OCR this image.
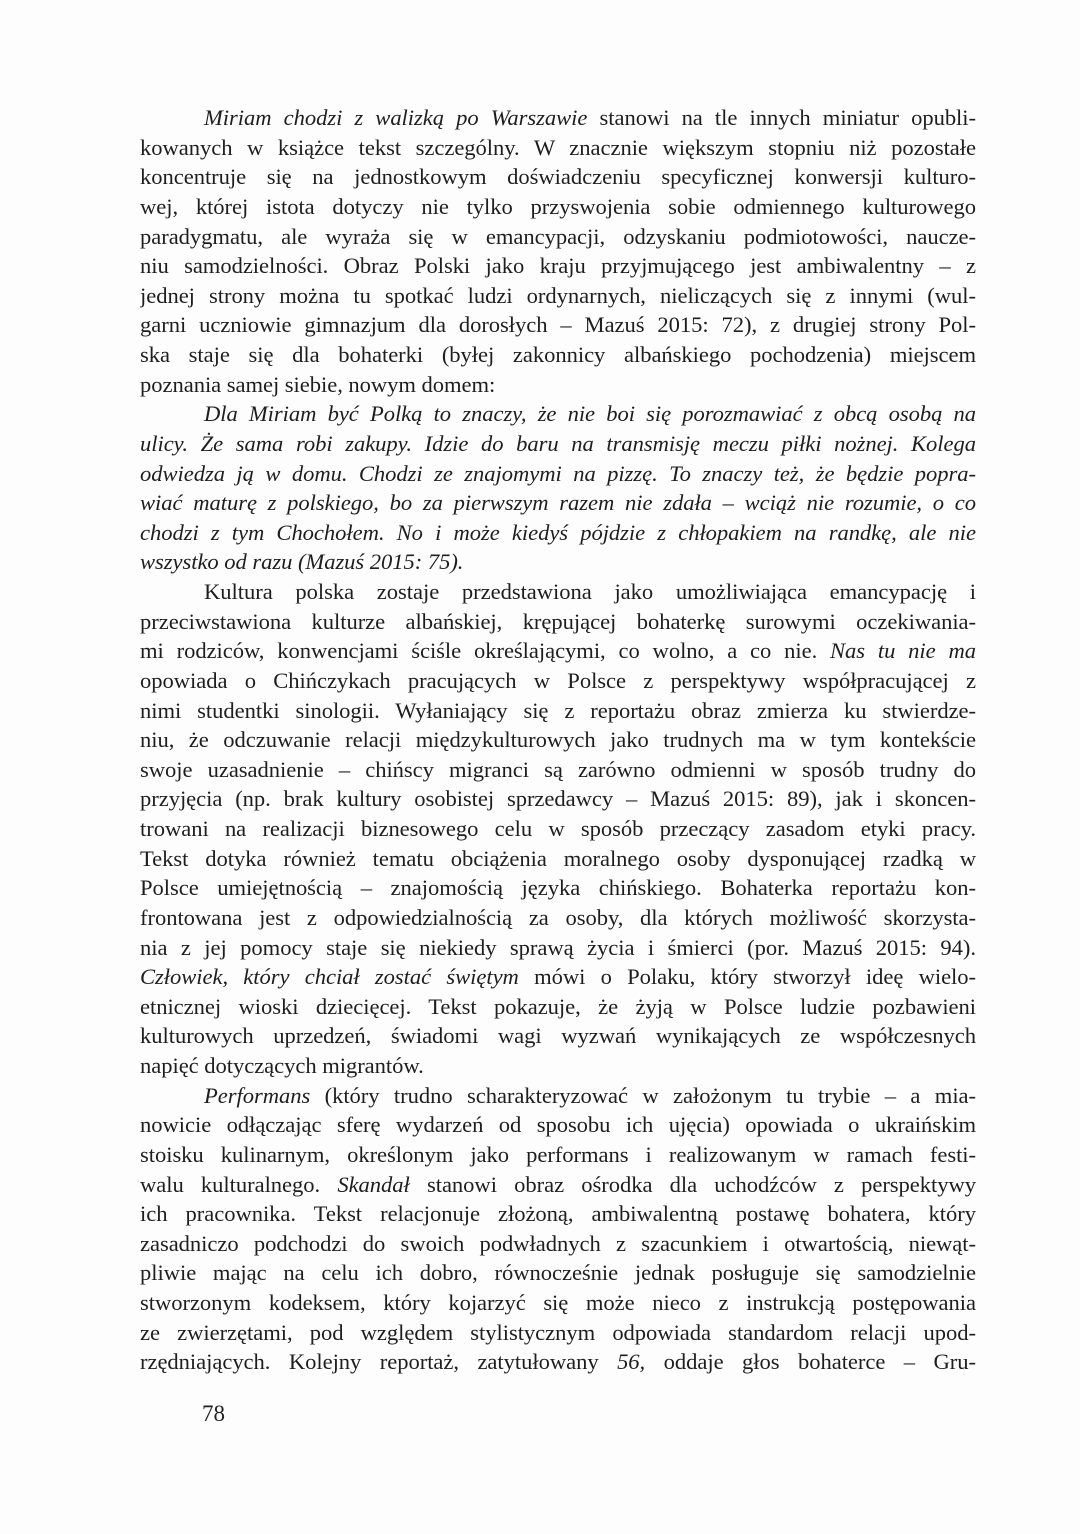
Miriam chodzi z walizką po Warszawie stanowi na tle innych miniatur opubli-
kowanych w książce tekst szczególny. W znacznie większym stopniu niż pozostałe
koncentruje się na jednostkowym doświadczeniu specyficznej konwersji kulturo-
wej, której istota dotyczy nie tylko przyswojenia sobie odmiennego kulturowego
paradygmatu, ale wyraża się w emancypacji, odzyskaniu podmiotowości, naucze-
niu samodzielności. Obraz Polski jako kraju przyjmującego jest ambiwalentny – z
jednej strony można tu spotkać ludzi ordynarnych, nieliczących się z innymi (wul-
garni uczniowie gimnazjum dla dorosłych – Mazuś 2015: 72), z drugiej strony Pol-
ska staje się dla bohaterki (byłej zakonnicy albańskiego pochodzenia) miejscem
poznania samej siebie, nowym domem:
Dla Miriam być Polką to znaczy, że nie boi się porozmawiać z obcą osobą na
ulicy. Że sama robi zakupy. Idzie do baru na transmisję meczu piłki nożnej. Kolega
odwiedza ją w domu. Chodzi ze znajomymi na pizzę. To znaczy też, że będzie popra-
wiać maturę z polskiego, bo za pierwszym razem nie zdała – wciąż nie rozumie, o co
chodzi z tym Chochołem. No i może kiedyś pójdzie z chłopakiem na randkę, ale nie
wszystko od razu (Mazuś 2015: 75).
Kultura polska zostaje przedstawiona jako umożliwiająca emancypację i
przeciwstawiona kulturze albańskiej, krępującej bohaterkę surowymi oczekiwania-
mi rodziców, konwencjami ściśle określającymi, co wolno, a co nie. Nas tu nie ma
opowiada o Chińczykach pracujących w Polsce z perspektywy współpracującej z
nimi studentki sinologii. Wyłaniający się z reportażu obraz zmierza ku stwierdze-
niu, że odczuwanie relacji międzykulturowych jako trudnych ma w tym kontekście
swoje uzasadnienie – chińscy migranci są zarówno odmienni w sposób trudny do
przyjęcia (np. brak kultury osobistej sprzedawcy – Mazuś 2015: 89), jak i skoncen-
trowani na realizacji biznesowego celu w sposób przeczący zasadom etyki pracy.
Tekst dotyka również tematu obciążenia moralnego osoby dysponującej rzadką w
Polsce umiejętnością – znajomością języka chińskiego. Bohaterka reportażu kon-
frontowana jest z odpowiedzialnością za osoby, dla których możliwość skorzysta-
nia z jej pomocy staje się niekiedy sprawą życia i śmierci (por. Mazuś 2015: 94).
Człowiek, który chciał zostać świętym mówi o Polaku, który stworzył ideę wielo-
etnicznej wioski dziecięcej. Tekst pokazuje, że żyją w Polsce ludzie pozbawieni
kulturowych uprzedzeń, świadomi wagi wyzwań wynikających ze współczesnych
napięć dotyczących migrantów.
Performans (który trudno scharakteryzować w założonym tu trybie – a mia-
nowicie odłączając sferę wydarzeń od sposobu ich ujęcia) opowiada o ukraińskim
stoisku kulinarnym, określonym jako performans i realizowanym w ramach festi-
walu kulturalnego. Skandał stanowi obraz ośrodka dla uchodźców z perspektywy
ich pracownika. Tekst relacjonuje złożoną, ambiwalentną postawę bohatera, który
zasadniczo podchodzi do swoich podwładnych z szacunkiem i otwartością, niewąt-
pliwie mając na celu ich dobro, równocześnie jednak posługuje się samodzielnie
stworzonym kodeksem, który kojarzyć się może nieco z instrukcją postępowania
ze zwierzętami, pod względem stylistycznym odpowiada standardom relacji upod-
rzędniających. Kolejny reportaż, zatytułowany 56, oddaje głos bohaterce – Gru-
78
